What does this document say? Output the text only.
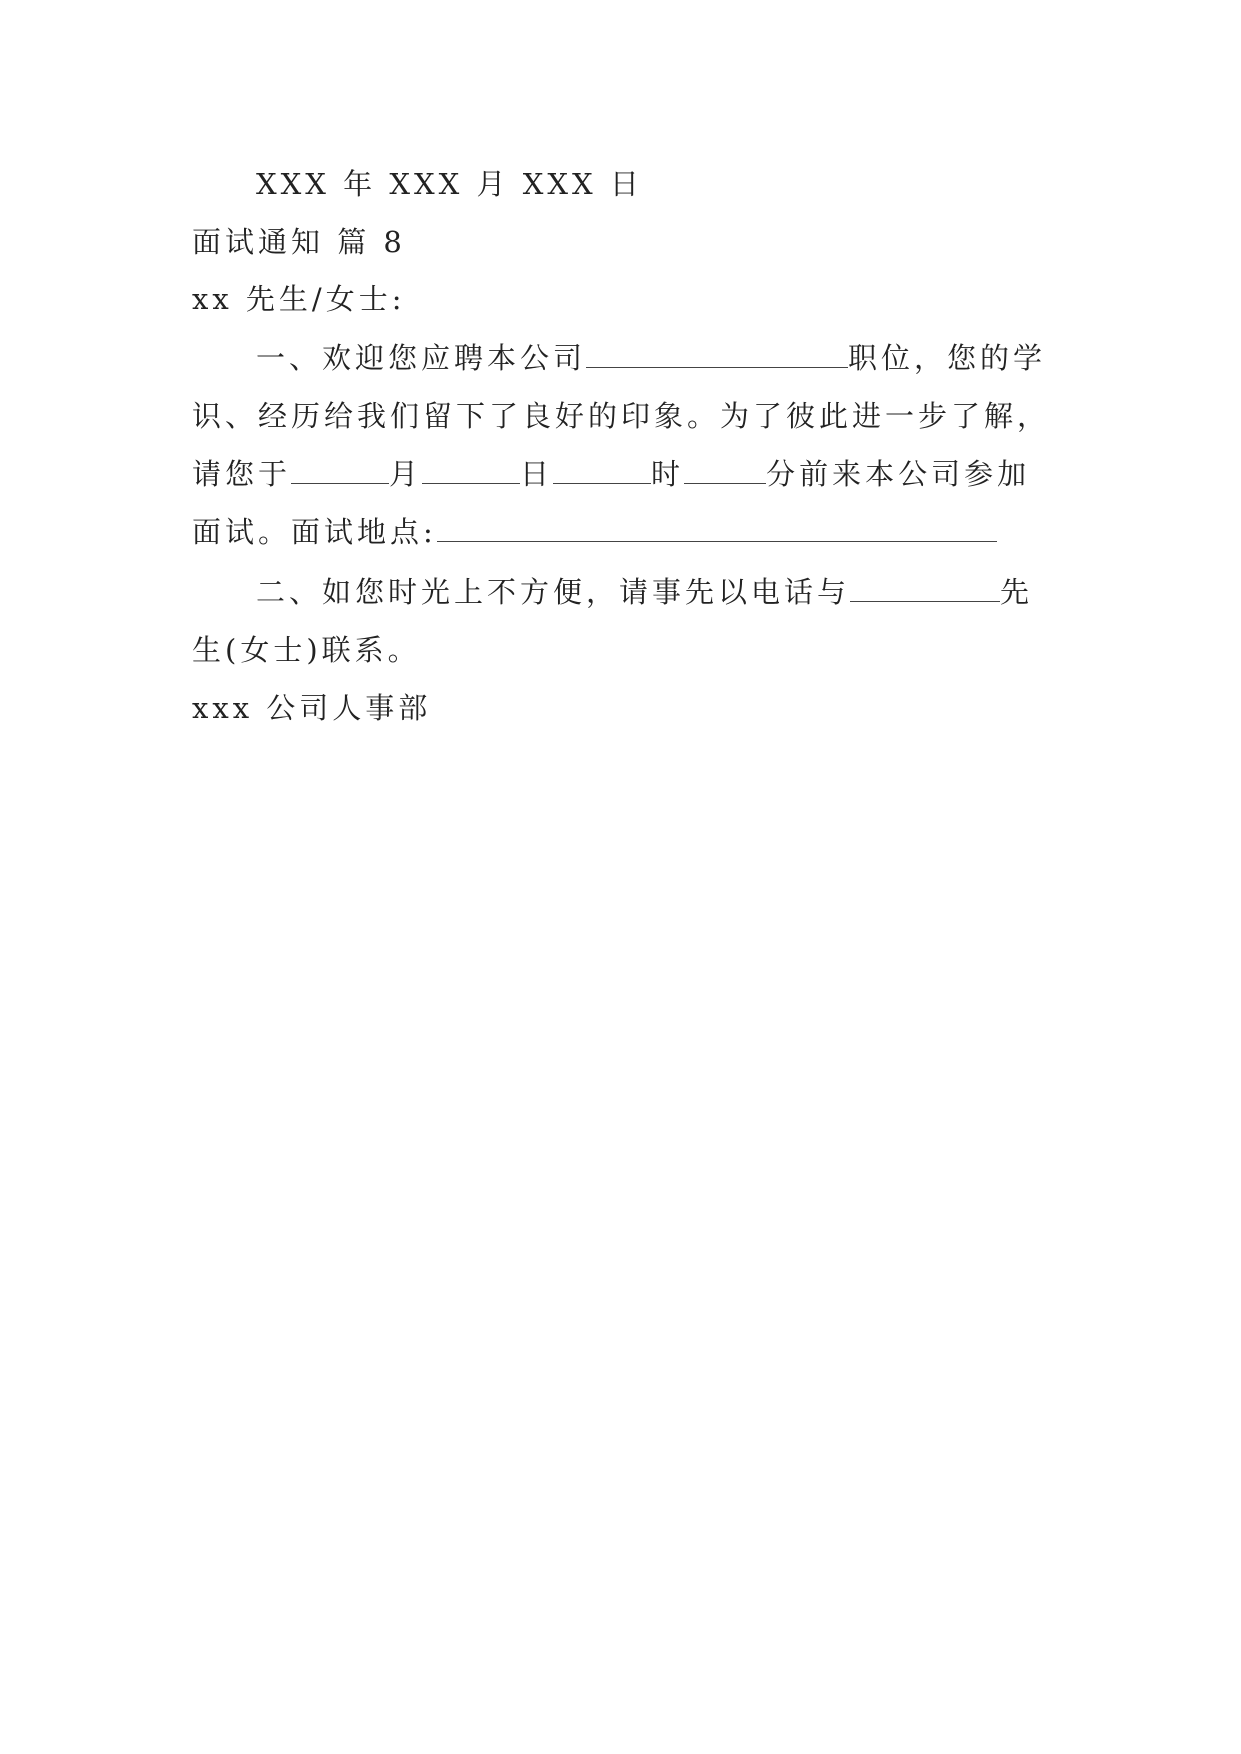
XXX 年 XXX 月 XXX 日
面试通知 篇 8
xx 先生/女士:
一、欢迎您应聘本公司	职位，您的学
识、经历给我们留下了良好的印象。为了彼此进一步了解，
请您于	月	日	时	分前来本公司参加
面试。面试地点:
二、如您时光上不方便，请事先以电话与	先
生(女士)联系。
xxx 公司人事部
